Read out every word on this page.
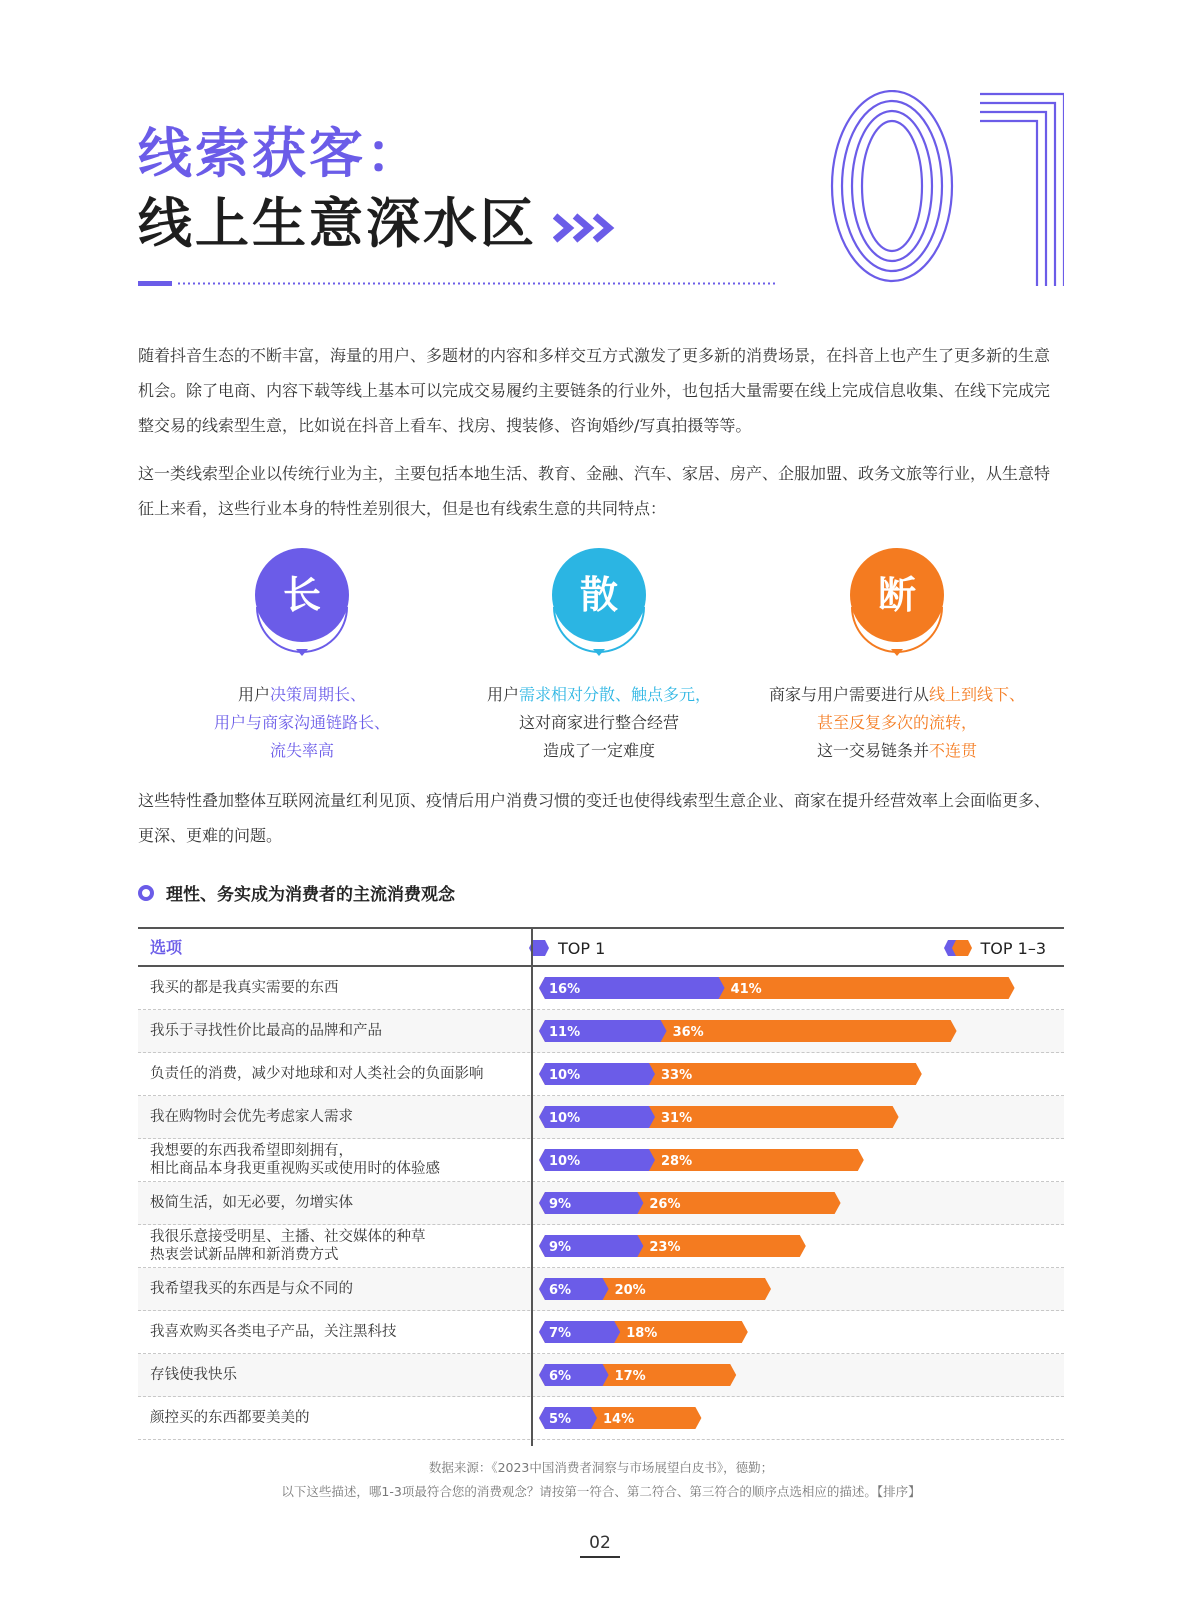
线索获客：
线上生意深水区

随着抖音生态的不断丰富，海量的用户、多题材的内容和多样交互方式激发了更多新的消费场景，在抖音上也产生了更多新的生意机会。除了电商、内容下载等线上基本可以完成交易履约主要链条的行业外，也包括大量需要在线上完成信息收集、在线下完成完整交易的线索型生意，比如说在抖音上看车、找房、搜装修、咨询婚纱/写真拍摄等等。

这一类线索型企业以传统行业为主，主要包括本地生活、教育、金融、汽车、家居、房产、企服加盟、政务文旅等行业，从生意特征上来看，这些行业本身的特性差别很大，但是也有线索生意的共同特点：

长
用户决策周期长、
用户与商家沟通链路长、
流失率高
散
用户需求相对分散、触点多元，
这对商家进行整合经营
造成了一定难度
断
商家与用户需要进行从线上到线下、
甚至反复多次的流转，
这一交易链条并不连贯

这些特性叠加整体互联网流量红利见顶、疫情后用户消费习惯的变迁也使得线索型生意企业、商家在提升经营效率上会面临更多、更深、更难的问题。

理性、务实成为消费者的主流消费观念
选项	TOP 1	TOP 1–3
我买的都是我真实需要的东西	16%	41%
我乐于寻找性价比最高的品牌和产品	11%	36%
负责任的消费，减少对地球和对人类社会的负面影响	10%	33%
我在购物时会优先考虑家人需求	10%	31%
我想要的东西我希望即刻拥有，
相比商品本身我更重视购买或使用时的体验感	10%	28%
极简生活，如无必要，勿增实体	9%	26%
我很乐意接受明星、主播、社交媒体的种草
热衷尝试新品牌和新消费方式	9%	23%
我希望我买的东西是与众不同的	6%	20%
我喜欢购买各类电子产品，关注黑科技	7%	18%
存钱使我快乐	6%	17%
颜控买的东西都要美美的	5% 14%
数据来源：《2023中国消费者洞察与市场展望白皮书》，德勤；
以下这些描述，哪1-3项最符合您的消费观念？请按第一符合、第二符合、第三符合的顺序点选相应的描述。【排序】
02
